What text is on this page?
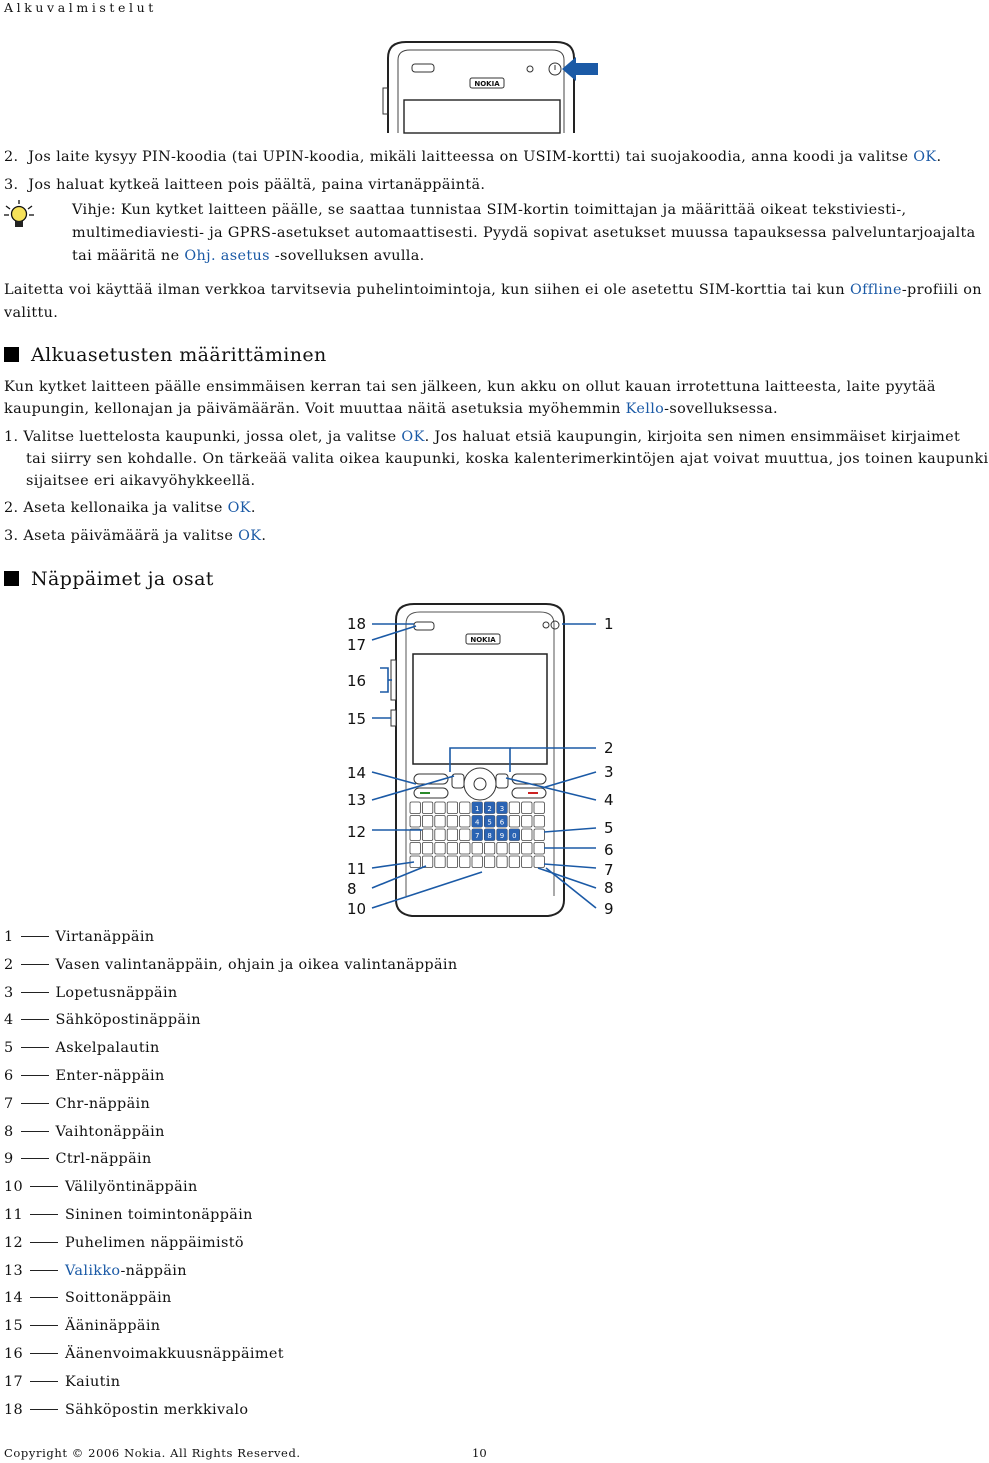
Alkuvalmistelut
NOKIA
2. Jos laite kysyy PIN-koodia (tai UPIN-koodia, mikäli laitteessa on USIM-kortti) tai suojakoodia, anna koodi ja valitse OK.
3. Jos haluat kytkeä laitteen pois päältä, paina virtanäppäintä.
Vihje: Kun kytket laitteen päälle, se saattaa tunnistaa SIM-kortin toimittajan ja määrittää oikeat tekstiviesti-,
multimediaviesti- ja GPRS-asetukset automaattisesti. Pyydä sopivat asetukset muussa tapauksessa palveluntarjoajalta
tai määritä ne Ohj. asetus -sovelluksen avulla.
Laitetta voi käyttää ilman verkkoa tarvitsevia puhelintoimintoja, kun siihen ei ole asetettu SIM-korttia tai kun Offline-profiili on
valittu.
Alkuasetusten määrittäminen
Kun kytket laitteen päälle ensimmäisen kerran tai sen jälkeen, kun akku on ollut kauan irrotettuna laitteesta, laite pyytää
kaupungin, kellonajan ja päivämäärän. Voit muuttaa näitä asetuksia myöhemmin Kello-sovelluksessa.
1. Valitse luettelosta kaupunki, jossa olet, ja valitse OK. Jos haluat etsiä kaupungin, kirjoita sen nimen ensimmäiset kirjaimet
tai siirry sen kohdalle. On tärkeää valita oikea kaupunki, koska kalenterimerkintöjen ajat voivat muuttua, jos toinen kaupunki
sijaitsee eri aikavyöhykkeellä.
2. Aseta kellonaika ja valitse OK.
3. Aseta päivämäärä ja valitse OK.
Näppäimet ja osat
NOKIA
1 2 3
4 5 6
7 8 9 0
18
17
16
15
14
13
12
11
8
10
1
2
3
4
5
6
7
8
9
1	Virtanäppäin
2	Vasen valintanäppäin, ohjain ja oikea valintanäppäin
3	Lopetusnäppäin
4	Sähköpostinäppäin
5	Askelpalautin
6	Enter-näppäin
7	Chr-näppäin
8	Vaihtonäppäin
9	Ctrl-näppäin
10	Välilyöntinäppäin
11	Sininen toimintonäppäin
12	Puhelimen näppäimistö
13	Valikko-näppäin
14	Soittonäppäin
15	Ääninäppäin
16	Äänenvoimakkuusnäppäimet
17	Kaiutin
18	Sähköpostin merkkivalo
Copyright © 2006 Nokia. All Rights Reserved.	10
